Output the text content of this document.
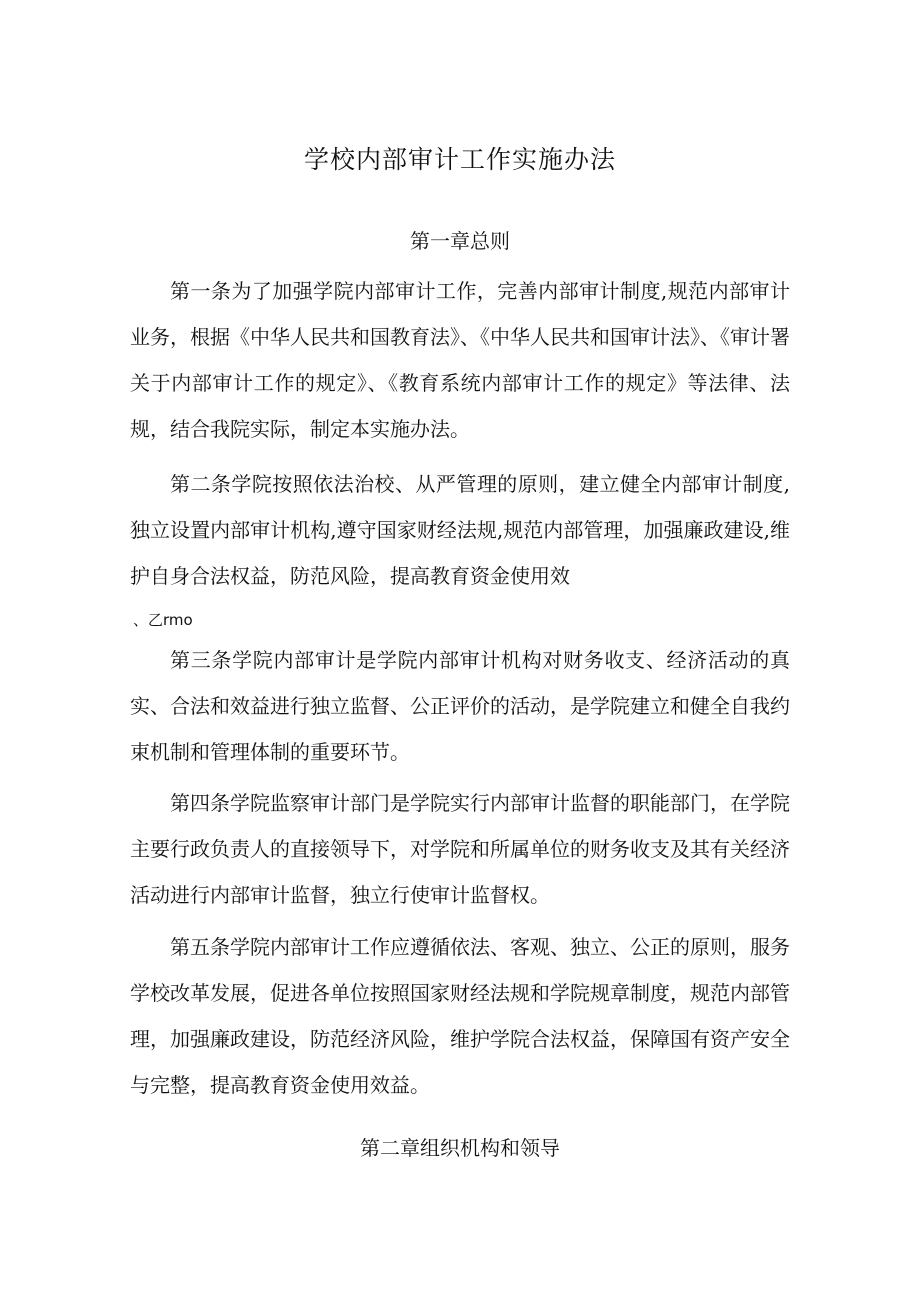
学校内部审计工作实施办法
第一章总则

第一条为了加强学院内部审计工作，完善内部审计制度,规范内部审计业务，根据《中华人民共和国教育法》、《中华人民共和国审计法》、《审计署关于内部审计工作的规定》、《教育系统内部审计工作的规定》等法律、法规，结合我院实际，制定本实施办法。

第二条学院按照依法治校、从严管理的原则，建立健全内部审计制度,独立设置内部审计机构,遵守国家财经法规,规范内部管理，加强廉政建设,维护自身合法权益，防范风险，提高教育资金使用效

、乙rmo

第三条学院内部审计是学院内部审计机构对财务收支、经济活动的真实、合法和效益进行独立监督、公正评价的活动，是学院建立和健全自我约束机制和管理体制的重要环节。

第四条学院监察审计部门是学院实行内部审计监督的职能部门，在学院主要行政负责人的直接领导下，对学院和所属单位的财务收支及其有关经济活动进行内部审计监督，独立行使审计监督权。

第五条学院内部审计工作应遵循依法、客观、独立、公正的原则，服务学校改革发展，促进各单位按照国家财经法规和学院规章制度，规范内部管理，加强廉政建设，防范经济风险，维护学院合法权益，保障国有资产安全与完整，提高教育资金使用效益。

第二章组织机构和领导
